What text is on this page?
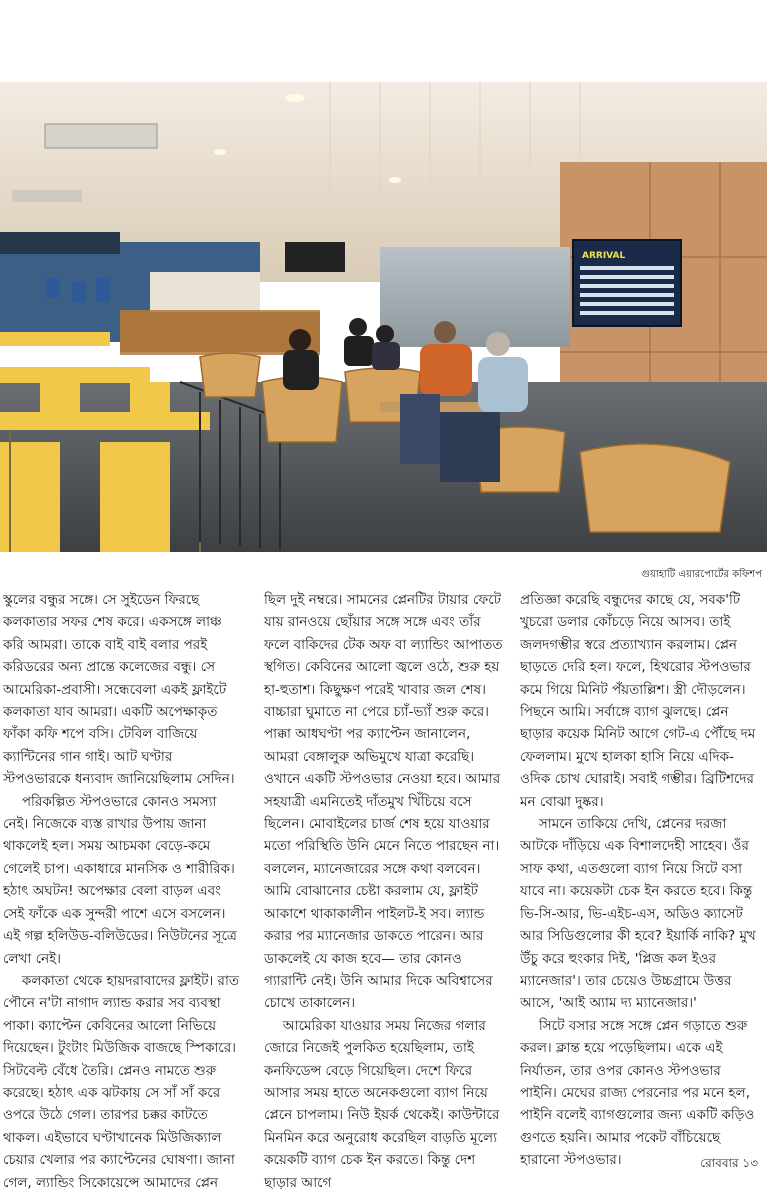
ARRIVAL
গুয়াহাটি এয়ারপোর্টের কফিশপ

স্কুলের বন্ধুর সঙ্গে। সে সুইডেন ফিরছে কলকাতার সফর শেষ করে। একসঙ্গে লাঞ্চ করি আমরা। তাকে বাই বাই বলার পরই করিডরের অন্য প্রান্তে কলেজের বন্ধু। সে আমেরিকা-প্রবাসী। সন্ধেবেলা একই ফ্লাইটে কলকাতা যাব আমরা। একটি অপেক্ষাকৃত ফাঁকা কফি শপে বসি। টেবিল বাজিয়ে ক্যান্টিনের গান গাই। আট ঘণ্টার স্টপওভারকে ধন্যবাদ জানিয়েছিলাম সেদিন।

পরিকল্পিত স্টপওভারে কোনও সমস্যা নেই। নিজেকে ব্যস্ত রাখার উপায় জানা থাকলেই হল। সময় আচমকা বেড়ে-কমে গেলেই চাপ। একাধারে মানসিক ও শারীরিক। হঠাৎ অঘটন! অপেক্ষার বেলা বাড়ল এবং সেই ফাঁকে এক সুন্দরী পাশে এসে বসলেন। এই গল্প হলিউড-বলিউডের। নিউটনের সূত্রে লেখা নেই।

কলকাতা থেকে হায়দরাবাদের ফ্লাইট। রাত পৌনে ন'টা নাগাদ ল্যান্ড করার সব ব্যবস্থা পাকা। ক্যাপ্টেন কেবিনের আলো নিভিয়ে দিয়েছেন। টুংটাং মিউজিক বাজছে স্পিকারে। সিটবেল্ট বেঁধে তৈরি। প্লেনও নামতে শুরু করেছে। হঠাৎ এক ঝটকায় সে সাঁ সাঁ করে ওপরে উঠে গেল। তারপর চক্কর কাটতে থাকল। এইভাবে ঘণ্টাখানেক মিউজিক্যাল চেয়ার খেলার পর ক্যাপ্টেনের ঘোষণা। জানা গেল, ল্যান্ডিং সিকোয়েন্সে আমাদের প্লেন

ছিল দুই নম্বরে। সামনের প্লেনটির টায়ার ফেটে যায় রানওয়ে ছোঁয়ার সঙ্গে সঙ্গে এবং তাঁর ফলে বাকিদের টেক অফ বা ল্যান্ডিং আপাতত স্থগিত। কেবিনের আলো জ্বলে ওঠে, শুরু হয় হা-হুতাশ। কিছুক্ষণ পরেই খাবার জল শেষ। বাচ্চারা ঘুমাতে না পেরে চ্যাঁ-ভ্যাঁ শুরু করে। পাক্কা আধঘণ্টা পর ক্যাপ্টেন জানালেন, আমরা বেঙ্গালুরু অভিমুখে যাত্রা করেছি। ওখানে একটি স্টপওভার নেওয়া হবে। আমার সহযাত্রী এমনিতেই দাঁতমুখ খিঁচিয়ে বসে ছিলেন। মোবাইলের চার্জ শেষ হয়ে যাওয়ার মতো পরিস্থিতি উনি মেনে নিতে পারছেন না। বললেন, ম্যানেজারের সঙ্গে কথা বলবেন। আমি বোঝানোর চেষ্টা করলাম যে, ফ্লাইট আকাশে থাকাকালীন পাইলট-ই সব। ল্যান্ড করার পর ম্যানেজার ডাকতে পারেন। আর ডাকলেই যে কাজ হবে— তার কোনও গ্যারান্টি নেই। উনি আমার দিকে অবিশ্বাসের চোখে তাকালেন।

আমেরিকা যাওয়ার সময় নিজের গলার জোরে নিজেই পুলকিত হয়েছিলাম, তাই কনফিডেন্স বেড়ে গিয়েছিল। দেশে ফিরে আসার সময় হাতে অনেকগুলো ব্যাগ নিয়ে প্লেনে চাপলাম। নিউ ইয়র্ক থেকেই। কাউন্টারে মিনমিন করে অনুরোধ করেছিল বাড়তি মূল্যে কয়েকটি ব্যাগ চেক ইন করতে। কিন্তু দেশ ছাড়ার আগে

প্রতিজ্ঞা করেছি বন্ধুদের কাছে যে, সবক'টি খুচরো ডলার কোঁচড়ে নিয়ে আসব। তাই জলদগম্ভীর স্বরে প্রত্যাখ্যান করলাম। প্লেন ছাড়তে দেরি হল। ফলে, হিথরোর স্টপওভার কমে গিয়ে মিনিট পঁয়তাল্লিশ। স্ত্রী দৌড়লেন। পিছনে আমি। সর্বাঙ্গে ব্যাগ ঝুলছে। প্লেন ছাড়ার কয়েক মিনিট আগে গেট-এ পৌঁছে দম ফেললাম। মুখে হালকা হাসি নিয়ে এদিক-ওদিক চোখ ঘোরাই। সবাই গম্ভীর। ব্রিটিশদের মন বোঝা দুষ্কর।

সামনে তাকিয়ে দেখি, প্লেনের দরজা আটকে দাঁড়িয়ে এক বিশালদেহী সাহেব। ওঁর সাফ কথা, এতগুলো ব্যাগ নিয়ে সিটে বসা যাবে না। কয়েকটা চেক ইন করতে হবে। কিন্তু ভি-সি-আর, ভি-এইচ-এস, অডিও ক্যাসেট আর সিডিগুলোর কী হবে? ইয়ার্কি নাকি? মুখ উঁচু করে হুংকার দিই, 'প্লিজ কল ইওর ম্যানেজার'। তার চেয়েও উচ্চগ্রামে উত্তর আসে, 'আই অ্যাম দ্য ম্যানেজার।'

সিটে বসার সঙ্গে সঙ্গে প্লেন গড়াতে শুরু করল। ক্লান্ত হয়ে পড়েছিলাম। একে এই নির্যাতন, তার ওপর কোনও স্টপওভার পাইনি। মেঘের রাজ্য পেরনোর পর মনে হল, পাইনি বলেই ব্যাগগুলোর জন্য একটি কড়িও গুণতে হয়নি। আমার পকেট বাঁচিয়েছে হারানো স্টপওভার।	রোববার ১৩
